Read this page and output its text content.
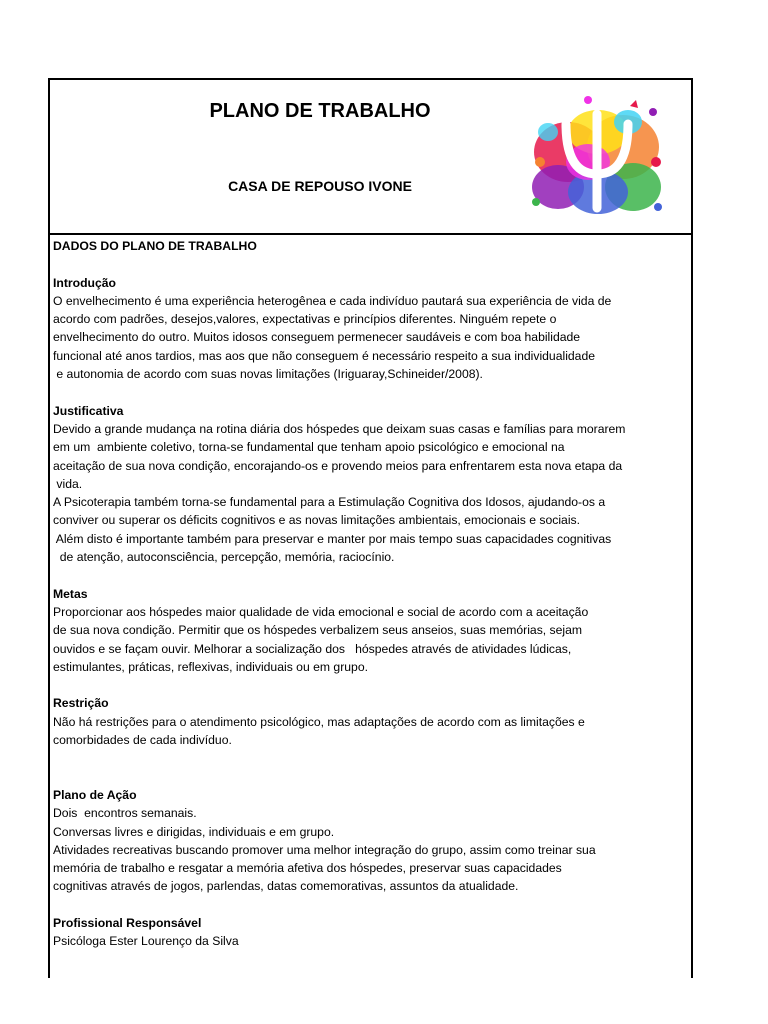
PLANO DE TRABALHO
CASA DE REPOUSO IVONE
DADOS DO PLANO DE TRABALHO
Introdução
O envelhecimento é uma experiência heterogênea e cada indivíduo pautará sua experiência de vida de
acordo com padrões, desejos,valores, expectativas e princípios diferentes. Ninguém repete o
envelhecimento do outro. Muitos idosos conseguem permenecer saudáveis e com boa habilidade
funcional até anos tardios, mas aos que não conseguem é necessário respeito a sua individualidade
e autonomia de acordo com suas novas limitações (Iriguaray,Schineider/2008).
Justificativa
Devido a grande mudança na rotina diária dos hóspedes que deixam suas casas e famílias para morarem
em um  ambiente coletivo, torna-se fundamental que tenham apoio psicológico e emocional na
aceitação de sua nova condição, encorajando-os e provendo meios para enfrentarem esta nova etapa da
vida.
A Psicoterapia também torna-se fundamental para a Estimulação Cognitiva dos Idosos, ajudando-os a
conviver ou superar os déficits cognitivos e as novas limitações ambientais, emocionais e sociais.
Além disto é importante também para preservar e manter por mais tempo suas capacidades cognitivas
de atenção, autoconsciência, percepção, memória, raciocínio.
Metas
Proporcionar aos hóspedes maior qualidade de vida emocional e social de acordo com a aceitação
de sua nova condição. Permitir que os hóspedes verbalizem seus anseios, suas memórias, sejam
ouvidos e se façam ouvir. Melhorar a socialização dos   hóspedes através de atividades lúdicas,
estimulantes, práticas, reflexivas, individuais ou em grupo.
Restrição
Não há restrições para o atendimento psicológico, mas adaptações de acordo com as limitações e
comorbidades de cada indivíduo.
Plano de Ação
Dois  encontros semanais.
Conversas livres e dirigidas, individuais e em grupo.
Atividades recreativas buscando promover uma melhor integração do grupo, assim como treinar sua
memória de trabalho e resgatar a memória afetiva dos hóspedes, preservar suas capacidades
cognitivas através de jogos, parlendas, datas comemorativas, assuntos da atualidade.
Profissional Responsável
Psicóloga Ester Lourenço da Silva
